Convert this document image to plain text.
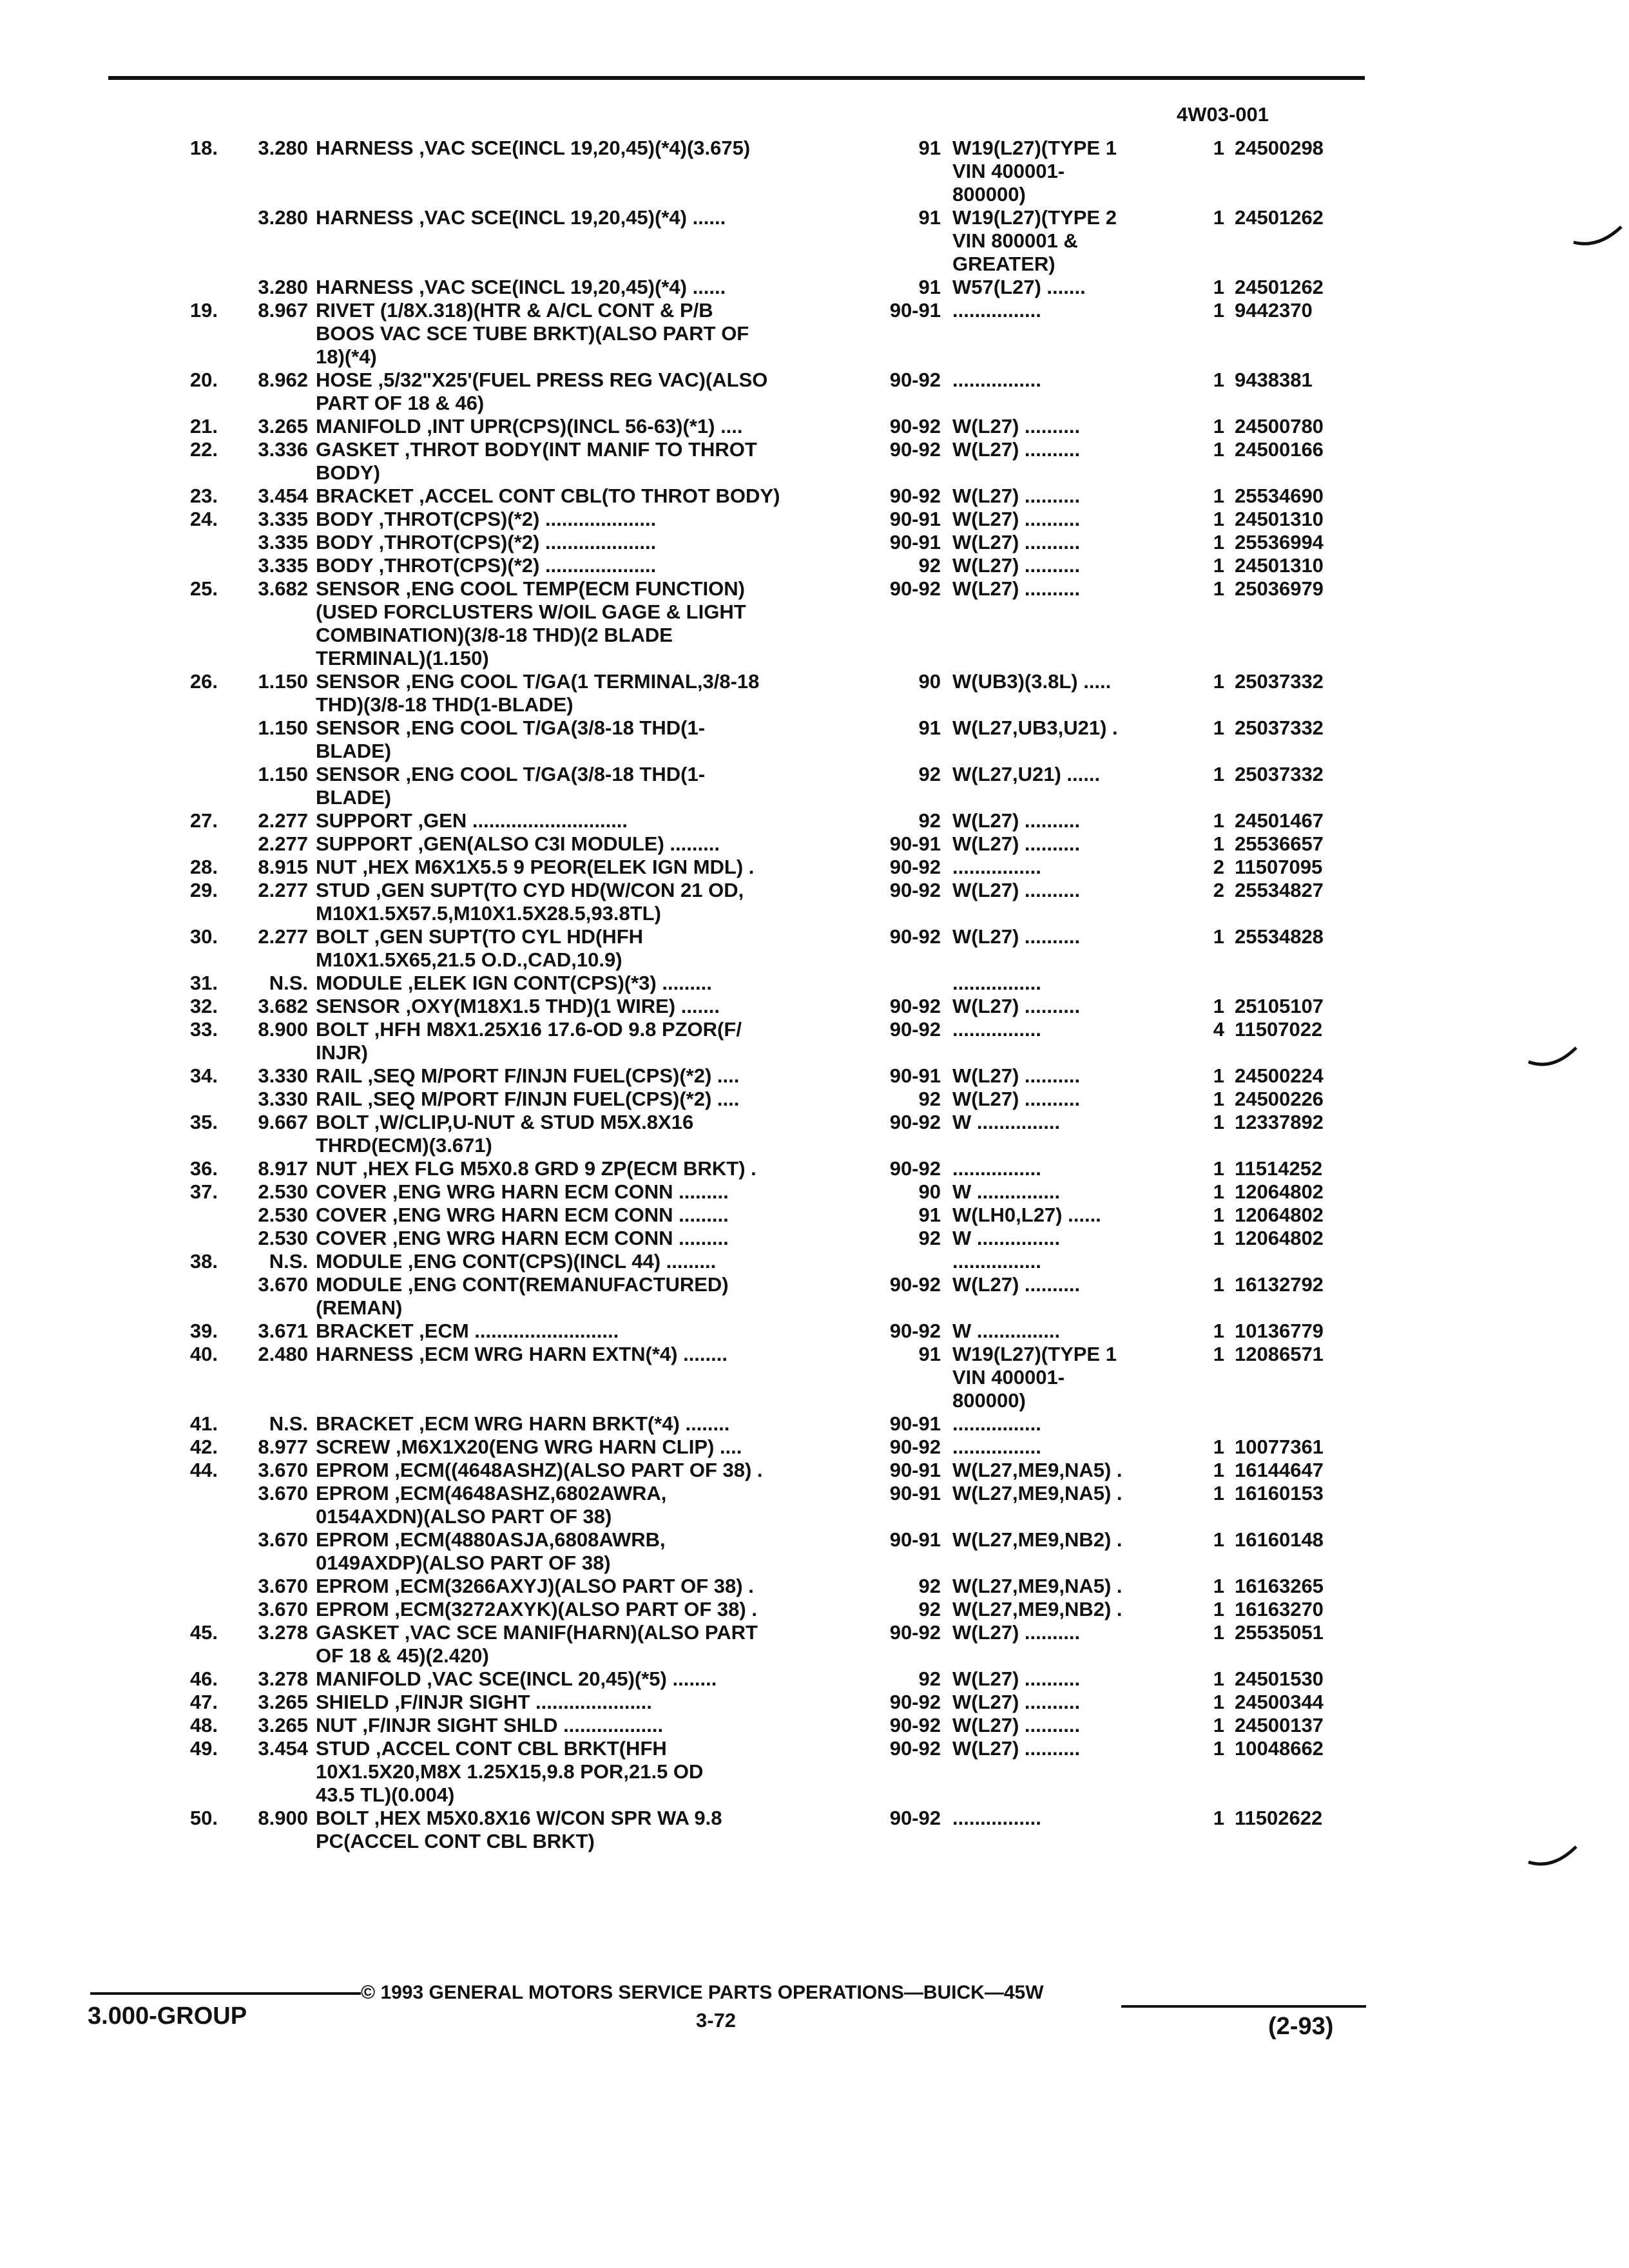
4W03-001
18.	3.280 HARNESS ,VAC SCE(INCL 19,20,45)(*4)(3.675)	91 W19(L27)(TYPE 1	1 24500298
VIN 400001-
800000)
3.280 HARNESS ,VAC SCE(INCL 19,20,45)(*4) ......	91 W19(L27)(TYPE 2	1 24501262
VIN 800001 &
GREATER)
3.280 HARNESS ,VAC SCE(INCL 19,20,45)(*4) ......	91 W57(L27) .......	1 24501262
19.	8.967 RIVET (1/8X.318)(HTR & A/CL CONT & P/B	90-91 ................	1 9442370
BOOS VAC SCE TUBE BRKT)(ALSO PART OF
18)(*4)
20.	8.962 HOSE ,5/32"X25'(FUEL PRESS REG VAC)(ALSO	90-92 ................	1 9438381
PART OF 18 & 46)
21.	3.265 MANIFOLD ,INT UPR(CPS)(INCL 56-63)(*1) ....	90-92 W(L27) ..........	1 24500780
22.	3.336 GASKET ,THROT BODY(INT MANIF TO THROT	90-92 W(L27) ..........	1 24500166
BODY)
23.	3.454 BRACKET ,ACCEL CONT CBL(TO THROT BODY)	90-92 W(L27) ..........	1 25534690
24.	3.335 BODY ,THROT(CPS)(*2) ....................	90-91 W(L27) ..........	1 24501310
3.335 BODY ,THROT(CPS)(*2) ....................	90-91 W(L27) ..........	1 25536994
3.335 BODY ,THROT(CPS)(*2) ....................	92 W(L27) ..........	1 24501310
25.	3.682 SENSOR ,ENG COOL TEMP(ECM FUNCTION)	90-92 W(L27) ..........	1 25036979
(USED FORCLUSTERS W/OIL GAGE & LIGHT
COMBINATION)(3/8-18 THD)(2 BLADE
TERMINAL)(1.150)
26.	1.150 SENSOR ,ENG COOL T/GA(1 TERMINAL,3/8-18	90 W(UB3)(3.8L) .....	1 25037332
THD)(3/8-18 THD(1-BLADE)
1.150 SENSOR ,ENG COOL T/GA(3/8-18 THD(1-	91 W(L27,UB3,U21) .	1 25037332
BLADE)
1.150 SENSOR ,ENG COOL T/GA(3/8-18 THD(1-	92 W(L27,U21) ......	1 25037332
BLADE)
27.	2.277 SUPPORT ,GEN ............................	92 W(L27) ..........	1 24501467
2.277 SUPPORT ,GEN(ALSO C3I MODULE) .........	90-91 W(L27) ..........	1 25536657
28.	8.915 NUT ,HEX M6X1X5.5 9 PEOR(ELEK IGN MDL) .	90-92 ................	2 11507095
29.	2.277 STUD ,GEN SUPT(TO CYD HD(W/CON 21 OD,	90-92 W(L27) ..........	2 25534827
M10X1.5X57.5,M10X1.5X28.5,93.8TL)
30.	2.277 BOLT ,GEN SUPT(TO CYL HD(HFH	90-92 W(L27) ..........	1 25534828
M10X1.5X65,21.5 O.D.,CAD,10.9)
31.	N.S. MODULE ,ELEK IGN CONT(CPS)(*3) .........	................
32.	3.682 SENSOR ,OXY(M18X1.5 THD)(1 WIRE) .......	90-92 W(L27) ..........	1 25105107
33.	8.900 BOLT ,HFH M8X1.25X16 17.6-OD 9.8 PZOR(F/	90-92 ................	4 11507022
INJR)
34.	3.330 RAIL ,SEQ M/PORT F/INJN FUEL(CPS)(*2) ....	90-91 W(L27) ..........	1 24500224
3.330 RAIL ,SEQ M/PORT F/INJN FUEL(CPS)(*2) ....	92 W(L27) ..........	1 24500226
35.	9.667 BOLT ,W/CLIP,U-NUT & STUD M5X.8X16	90-92 W ...............	1 12337892
THRD(ECM)(3.671)
36.	8.917 NUT ,HEX FLG M5X0.8 GRD 9 ZP(ECM BRKT) .	90-92 ................	1 11514252
37.	2.530 COVER ,ENG WRG HARN ECM CONN .........	90 W ...............	1 12064802
2.530 COVER ,ENG WRG HARN ECM CONN .........	91 W(LH0,L27) ......	1 12064802
2.530 COVER ,ENG WRG HARN ECM CONN .........	92 W ...............	1 12064802
38.	N.S. MODULE ,ENG CONT(CPS)(INCL 44) .........	................
3.670 MODULE ,ENG CONT(REMANUFACTURED)	90-92 W(L27) ..........	1 16132792
(REMAN)
39.	3.671 BRACKET ,ECM ..........................	90-92 W ...............	1 10136779
40.	2.480 HARNESS ,ECM WRG HARN EXTN(*4) ........	91 W19(L27)(TYPE 1	1 12086571
VIN 400001-
800000)
41.	N.S. BRACKET ,ECM WRG HARN BRKT(*4) ........	90-91 ................
42.	8.977 SCREW ,M6X1X20(ENG WRG HARN CLIP) ....	90-92 ................	1 10077361
44.	3.670 EPROM ,ECM((4648ASHZ)(ALSO PART OF 38) .	90-91 W(L27,ME9,NA5) .	1 16144647
3.670 EPROM ,ECM(4648ASHZ,6802AWRA,	90-91 W(L27,ME9,NA5) .	1 16160153
0154AXDN)(ALSO PART OF 38)
3.670 EPROM ,ECM(4880ASJA,6808AWRB,	90-91 W(L27,ME9,NB2) .	1 16160148
0149AXDP)(ALSO PART OF 38)
3.670 EPROM ,ECM(3266AXYJ)(ALSO PART OF 38) .	92 W(L27,ME9,NA5) .	1 16163265
3.670 EPROM ,ECM(3272AXYK)(ALSO PART OF 38) .	92 W(L27,ME9,NB2) .	1 16163270
45.	3.278 GASKET ,VAC SCE MANIF(HARN)(ALSO PART	90-92 W(L27) ..........	1 25535051
OF 18 & 45)(2.420)
46.	3.278 MANIFOLD ,VAC SCE(INCL 20,45)(*5) ........	92 W(L27) ..........	1 24501530
47.	3.265 SHIELD ,F/INJR SIGHT .....................	90-92 W(L27) ..........	1 24500344
48.	3.265 NUT ,F/INJR SIGHT SHLD ..................	90-92 W(L27) ..........	1 24500137
49.	3.454 STUD ,ACCEL CONT CBL BRKT(HFH	90-92 W(L27) ..........	1 10048662
10X1.5X20,M8X 1.25X15,9.8 POR,21.5 OD
43.5 TL)(0.004)
50.	8.900 BOLT ,HEX M5X0.8X16 W/CON SPR WA 9.8	90-92 ................	1 11502622
PC(ACCEL CONT CBL BRKT)
© 1993 GENERAL MOTORS SERVICE PARTS OPERATIONS—BUICK—45W
3.000-GROUP	3-72	(2-93)
